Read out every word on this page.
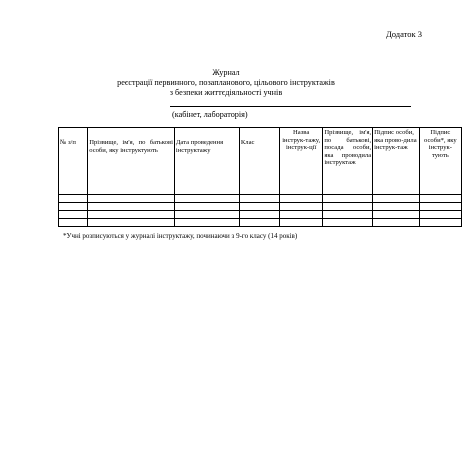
Додаток 3
Журнал
реєстрації первинного, позапланового, цільового інструктажів
з безпеки життєдіяльності учнів
(кабінет, лабораторія)
№ з/п	Прізвище, ім'я, по батькові особи, яку інструктують	Дата проведення інструктажу	Клас	Назва інструк-тажу, інструк-ції	Прізвище, ім'я, по батькові, посада особи, яка проводила інструктаж	Підпис особи, яка прово-дила інструк-таж	Підпис особи*, яку інструк-тують

*Учні розписуються у журналі інструктажу, починаючи з 9-го класу (14 років)
